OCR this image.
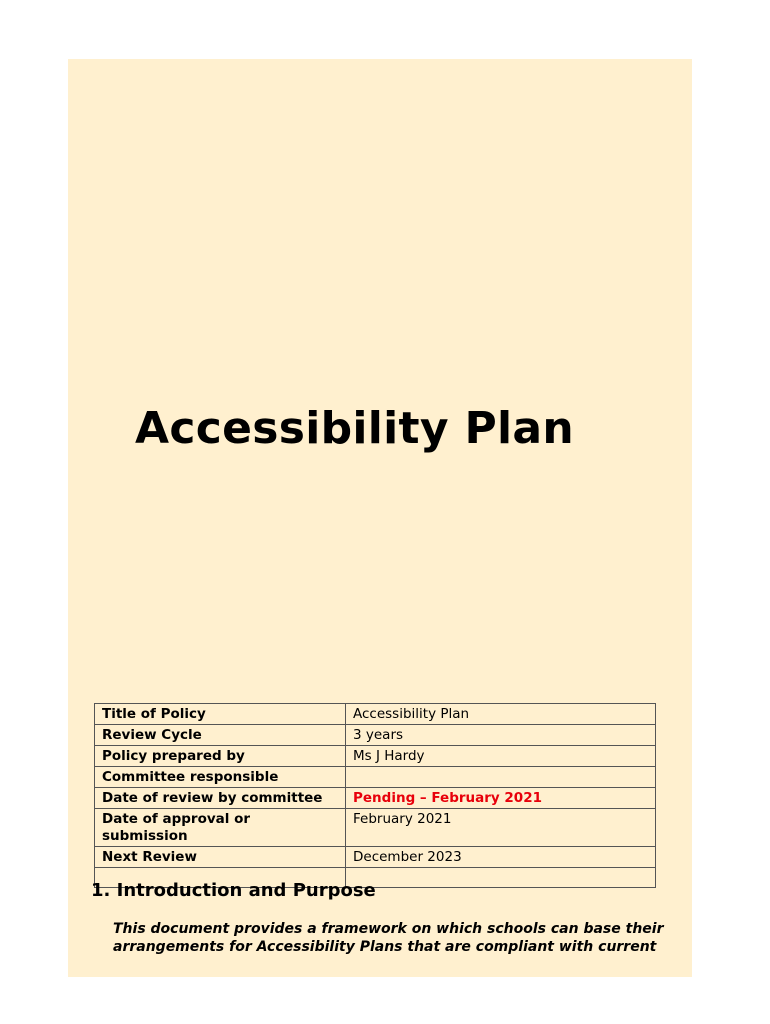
Accessibility Plan
Title of Policy	Accessibility Plan
Review Cycle	3 years
Policy prepared by	Ms J Hardy
Committee responsible	
Date of review by committee	Pending – February 2021
Date of approval or submission	February 2021
Next Review	December 2023

1. Introduction and Purpose

This document provides a framework on which schools can base their arrangements for Accessibility Plans that are compliant with current
